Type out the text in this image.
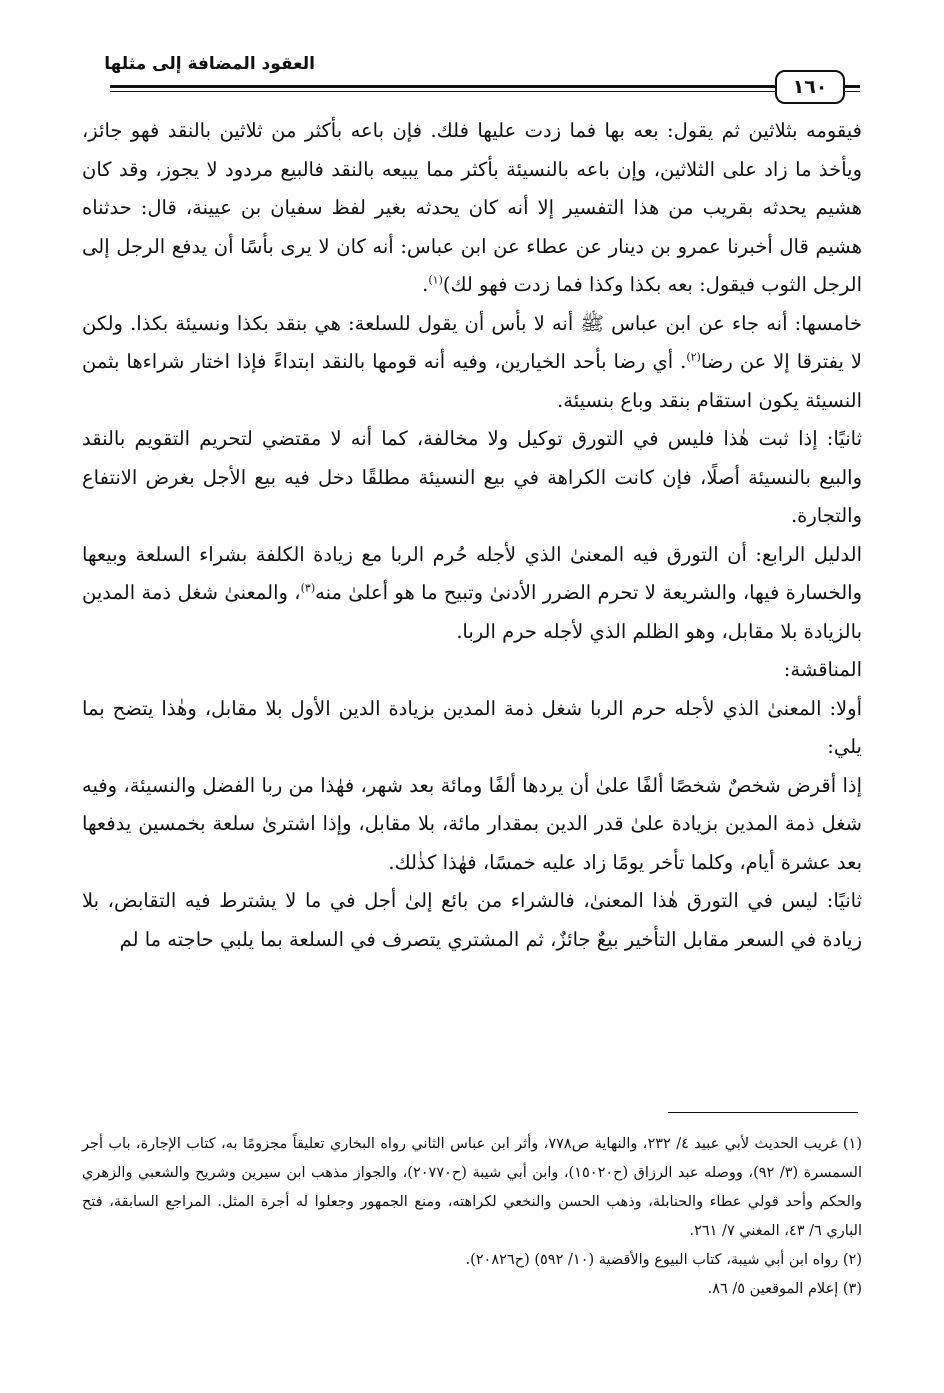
العقود المضافة إلى مثلها
١٦٠

فيقومه بثلاثين ثم يقول: بعه بها فما زدت عليها فلك. فإن باعه بأكثر من ثلاثين بالنقد فهو جائز، ويأخذ ما زاد على الثلاثين، وإن باعه بالنسيئة بأكثر مما يبيعه بالنقد فالبيع مردود لا يجوز، وقد كان هشيم يحدثه بقريب من هذا التفسير إلا أنه كان يحدثه بغير لفظ سفيان بن عيينة، قال: حدثناه هشيم قال أخبرنا عمرو بن دينار عن عطاء عن ابن عباس: أنه كان لا يرى بأسًا أن يدفع الرجل إلى الرجل الثوب فيقول: بعه بكذا وكذا فما زدت فهو لك)$^{(١)}$.

خامسها: أنه جاء عن ابن عباس ﷺ أنه لا بأس أن يقول للسلعة: هي بنقد بكذا ونسيئة بكذا. ولكن لا يفترقا إلا عن رضا$^{(٢)}$. أي رضا بأحد الخيارين، وفيه أنه قومها بالنقد ابتداءً فإذا اختار شراءها بثمن النسيئة يكون استقام بنقد وباع بنسيئة.

ثانيًا: إذا ثبت هٰذا فليس في التورق توكيل ولا مخالفة، كما أنه لا مقتضي لتحريم التقويم بالنقد والبيع بالنسيئة أصلًا، فإن كانت الكراهة في بيع النسيئة مطلقًا دخل فيه بيع الأجل بغرض الانتفاع والتجارة.

الدليل الرابع: أن التورق فيه المعنىٰ الذي لأجله حُرم الربا مع زيادة الكلفة بشراء السلعة وبيعها والخسارة فيها، والشريعة لا تحرم الضرر الأدنىٰ وتبيح ما هو أعلىٰ منه$^{(٣)}$، والمعنىٰ شغل ذمة المدين بالزيادة بلا مقابل، وهو الظلم الذي لأجله حرم الربا.

المناقشة:

أولا: المعنىٰ الذي لأجله حرم الربا شغل ذمة المدين بزيادة الدين الأول بلا مقابل، وهٰذا يتضح بما يلي:

إذا أقرض شخصٌ شخصًا ألفًا علىٰ أن يردها ألفًا ومائة بعد شهر، فهٰذا من ربا الفضل والنسيئة، وفيه شغل ذمة المدين بزيادة علىٰ قدر الدين بمقدار مائة، بلا مقابل، وإذا اشترىٰ سلعة بخمسين يدفعها بعد عشرة أيام، وكلما تأخر يومًا زاد عليه خمسًا، فهٰذا كذٰلك.

ثانيًا: ليس في التورق هٰذا المعنىٰ، فالشراء من بائع إلىٰ أجل في ما لا يشترط فيه التقابض، بلا زيادة في السعر مقابل التأخير بيعٌ جائزٌ، ثم المشتري يتصرف في السلعة بما يلبي حاجته ما لم

(١) غريب الحديث لأبي عبيد ٤/ ٢٣٢، والنهاية ص٧٧٨، وأثر ابن عباس الثاني رواه البخاري تعليقاً مجزومًا به، كتاب الإجارة، باب أجر السمسرة (٣/ ٩٢)، ووصله عبد الرزاق (ح١٥٠٢٠)، وابن أبي شيبة (ح٢٠٧٧٠)، والجواز مذهب ابن سيرين وشريح والشعبي والزهري والحكم وأحد قولي عطاء والحنابلة، وذهب الحسن والنخعي لكراهته، ومنع الجمهور وجعلوا له أجرة المثل. المراجع السابقة، فتح الباري ٦/ ٤٣، المغني ٧/ ٢٦١.

(٢) رواه ابن أبي شيبة، كتاب البيوع والأقضية (١٠/ ٥٩٢) (ح٢٠٨٢٦).

(٣) إعلام الموقعين ٥/ ٨٦.
